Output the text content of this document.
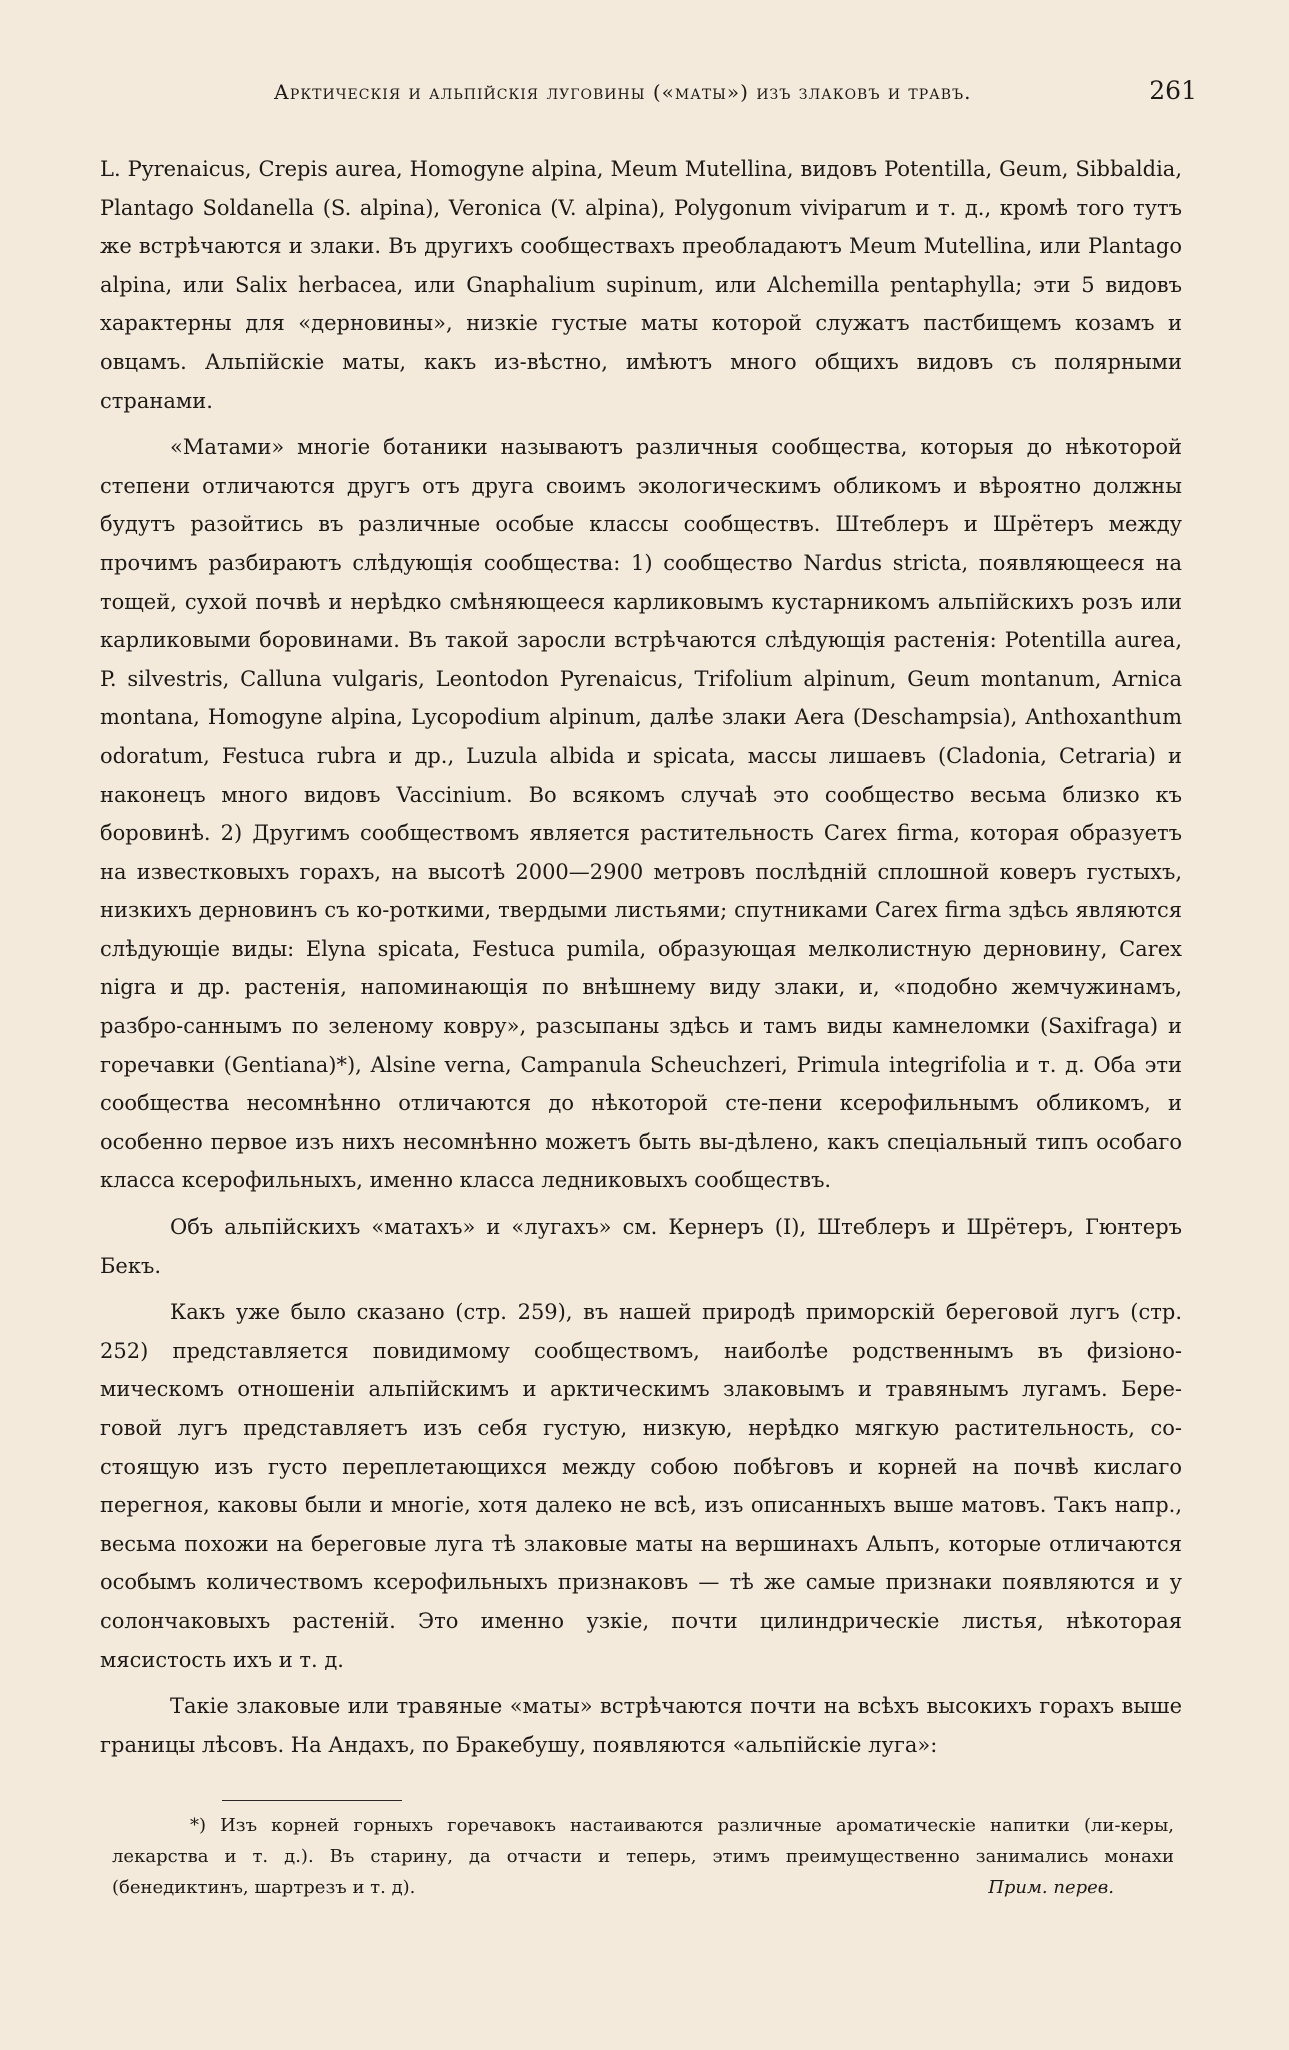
Арктическія и альпійскія луговины («маты») изъ злаковъ и травъ.	261

L. Pyrenaicus, Crepis aurea, Homogyne alpina, Meum Mutellina, видовъ Potentilla, Geum, Sibbaldia, Plantago Soldanella (S. alpina), Veronica (V. alpina), Polygonum viviparum и т. д., кромѣ того тутъ же встрѣчаются и злаки. Въ другихъ сообществахъ преобладаютъ Meum Mutellina, или Plantago alpina, или Salix herbacea, или Gnaphalium supinum, или Alchemilla pentaphylla; эти 5 видовъ характерны для «дерновины», низкіе густые маты которой служатъ пастбищемъ козамъ и овцамъ. Альпійскіе маты, какъ из-вѣстно, имѣютъ много общихъ видовъ съ полярными странами.

«Матами» многіе ботаники называютъ различныя сообщества, которыя до нѣкоторой степени отличаются другъ отъ друга своимъ экологическимъ обликомъ и вѣроятно должны будутъ разойтись въ различные особые классы сообществъ. Штеблеръ и Шрётеръ между прочимъ разбираютъ слѣдующія сообщества: 1) сообщество Nardus stricta, появляющееся на тощей, сухой почвѣ и нерѣдко смѣняющееся карликовымъ кустарникомъ альпійскихъ розъ или карликовыми боровинами. Въ такой заросли встрѣчаются слѣдующія растенія: Potentilla aurea, P. silvestris, Calluna vulgaris, Leontodon Pyrenaicus, Trifolium alpinum, Geum montanum, Arnica montana, Homogyne alpina, Lycopodium alpinum, далѣе злаки Aera (Deschampsia), Anthoxanthum odoratum, Festuca rubra и др., Luzula albida и spicata, массы лишаевъ (Cladonia, Cetraria) и наконецъ много видовъ Vaccinium. Во всякомъ случаѣ это сообщество весьма близко къ боровинѣ. 2) Другимъ сообществомъ является растительность Carex firma, которая образуетъ на известковыхъ горахъ, на высотѣ 2000—2900 метровъ послѣдній сплошной коверъ густыхъ, низкихъ дерновинъ съ ко-роткими, твердыми листьями; спутниками Carex firma здѣсь являются слѣдующіе виды: Elyna spicata, Festuca pumila, образующая мелколистную дерновину, Carex nigra и др. растенія, напоминающія по внѣшнему виду злаки, и, «подобно жемчужинамъ, разбро-саннымъ по зеленому ковру», разсыпаны здѣсь и тамъ виды камнеломки (Saxifraga) и горечавки (Gentiana)*), Alsine verna, Campanula Scheuchzeri, Primula integrifolia и т. д. Оба эти сообщества несомнѣнно отличаются до нѣкоторой сте-пени ксерофильнымъ обликомъ, и особенно первое изъ нихъ несомнѣнно можетъ быть вы-дѣлено, какъ спеціальный типъ особаго класса ксерофильныхъ, именно класса ледниковыхъ сообществъ.

Объ альпійскихъ «матахъ» и «лугахъ» см. Кернеръ (I), Штеблеръ и Шрётеръ, Гюнтеръ Бекъ.

Какъ уже было сказано (стр. 259), въ нашей природѣ приморскій береговой лугъ (стр. 252) представляется повидимому сообществомъ, наиболѣе родственнымъ въ физіоно-мическомъ отношеніи альпійскимъ и арктическимъ злаковымъ и травянымъ лугамъ. Бере-говой лугъ представляетъ изъ себя густую, низкую, нерѣдко мягкую растительность, со-стоящую изъ густо переплетающихся между собою побѣговъ и корней на почвѣ кислаго перегноя, каковы были и многіе, хотя далеко не всѣ, изъ описанныхъ выше матовъ. Такъ напр., весьма похожи на береговые луга тѣ злаковые маты на вершинахъ Альпъ, которые отличаются особымъ количествомъ ксерофильныхъ признаковъ — тѣ же самые признаки появляются и у солончаковыхъ растеній. Это именно узкіе, почти цилиндрическіе листья, нѣкоторая мясистость ихъ и т. д.

Такіе злаковые или травяные «маты» встрѣчаются почти на всѣхъ высокихъ горахъ выше границы лѣсовъ. На Андахъ, по Бракебушу, появляются «альпійскіе луга»:

*) Изъ корней горныхъ горечавокъ настаиваются различные ароматическіе напитки (ли-керы, лекарства и т. д.). Въ старину, да отчасти и теперь, этимъ преимущественно занимались монахи (бенедиктинъ, шартрезъ и т. д).	Прим. перев.
